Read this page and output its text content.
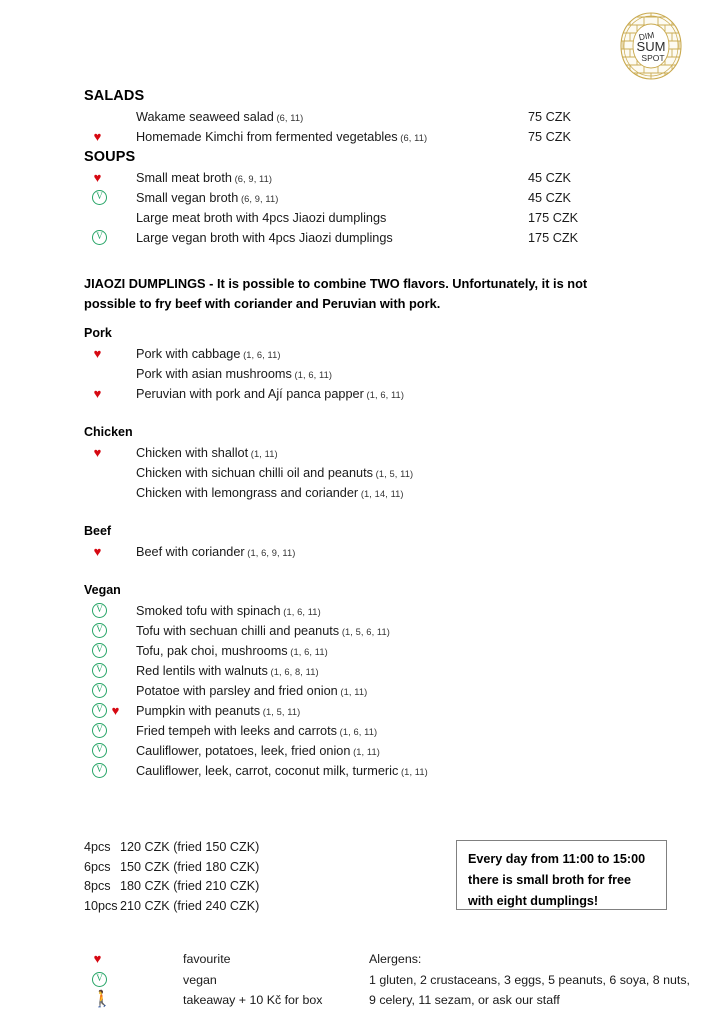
DIM
SUM
SPOT
SALADS
Wakame seaweed salad (6, 11)	75 CZK
♥	Homemade Kimchi from fermented vegetables (6, 11)	75 CZK
SOUPS
♥	Small meat broth (6, 9, 11)	45 CZK
V	Small vegan broth (6, 9, 11)	45 CZK
Large meat broth with 4pcs Jiaozi dumplings	175 CZK
V	Large vegan broth with 4pcs Jiaozi dumplings	175 CZK
JIAOZI DUMPLINGS - It is possible to combine TWO flavors. Unfortunately, it is not possible to fry beef with coriander and Peruvian with pork.
Pork
♥	Pork with cabbage (1, 6, 11)
Pork with asian mushrooms (1, 6, 11)
♥	Peruvian with pork and Ají panca papper (1, 6, 11)
Chicken
♥	Chicken with shallot (1, 11)
Chicken with sichuan chilli oil and peanuts (1, 5, 11)
Chicken with lemongrass and coriander (1, 14, 11)
Beef
♥	Beef with coriander (1, 6, 9, 11)
Vegan
V	Smoked tofu with spinach (1, 6, 11)
V	Tofu with sechuan chilli and peanuts (1, 5, 6, 11)
V	Tofu, pak choi, mushrooms (1, 6, 11)
V	Red lentils with walnuts (1, 6, 8, 11)
V	Potatoe with parsley and fried onion (1, 11)
V ♥	Pumpkin with peanuts (1, 5, 11)
V	Fried tempeh with leeks and carrots (1, 6, 11)
V	Cauliflower, potatoes, leek, fried onion (1, 11)
V	Cauliflower, leek, carrot, coconut milk, turmeric (1, 11)
4pcs 120 CZK (fried 150 CZK)
6pcs 150 CZK (fried 180 CZK)
8pcs 180 CZK (fried 210 CZK)
10pcs 210 CZK (fried 240 CZK)
Every day from 11:00 to 15:00 there is small broth for free with eight dumplings!
♥	favourite
V	vegan
🚶	takeaway + 10 Kč for box
Alergens:
1 gluten, 2 crustaceans, 3 eggs, 5 peanuts, 6 soya, 8 nuts,
9 celery, 11 sezam, or ask our staff
